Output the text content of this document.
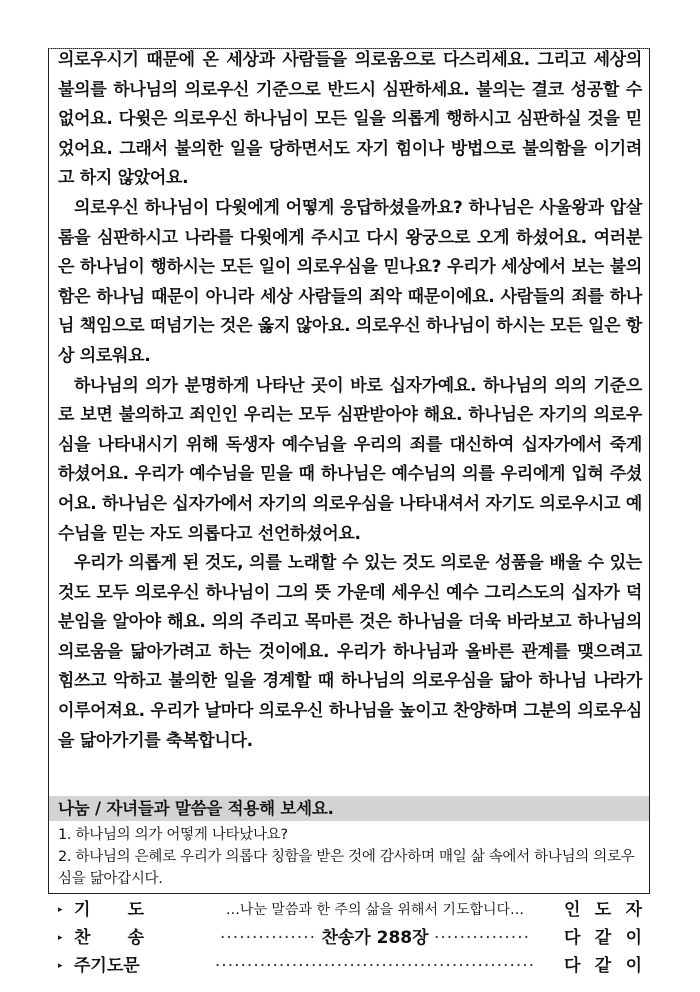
의로우시기 때문에 온 세상과 사람들을 의로움으로 다스리세요. 그리고 세상의 불의를 하나님의 의로우신 기준으로 반드시 심판하세요. 불의는 결코 성공할 수 없어요. 다윗은 의로우신 하나님이 모든 일을 의롭게 행하시고 심판하실 것을 믿었어요. 그래서 불의한 일을 당하면서도 자기 힘이나 방법으로 불의함을 이기려고 하지 않았어요.

의로우신 하나님이 다윗에게 어떻게 응답하셨을까요? 하나님은 사울왕과 압살롬을 심판하시고 나라를 다윗에게 주시고 다시 왕궁으로 오게 하셨어요. 여러분은 하나님이 행하시는 모든 일이 의로우심을 믿나요? 우리가 세상에서 보는 불의함은 하나님 때문이 아니라 세상 사람들의 죄악 때문이에요. 사람들의 죄를 하나님 책임으로 떠넘기는 것은 옳지 않아요. 의로우신 하나님이 하시는 모든 일은 항상 의로워요.

하나님의 의가 분명하게 나타난 곳이 바로 십자가예요. 하나님의 의의 기준으로 보면 불의하고 죄인인 우리는 모두 심판받아야 해요. 하나님은 자기의 의로우심을 나타내시기 위해 독생자 예수님을 우리의 죄를 대신하여 십자가에서 죽게 하셨어요. 우리가 예수님을 믿을 때 하나님은 예수님의 의를 우리에게 입혀 주셨어요. 하나님은 십자가에서 자기의 의로우심을 나타내셔서 자기도 의로우시고 예수님을 믿는 자도 의롭다고 선언하셨어요.

우리가 의롭게 된 것도, 의를 노래할 수 있는 것도 의로운 성품을 배울 수 있는 것도 모두 의로우신 하나님이 그의 뜻 가운데 세우신 예수 그리스도의 십자가 덕분임을 알아야 해요. 의의 주리고 목마른 것은 하나님을 더욱 바라보고 하나님의 의로움을 닮아가려고 하는 것이에요. 우리가 하나님과 올바른 관계를 맺으려고 힘쓰고 악하고 불의한 일을 경계할 때 하나님의 의로우심을 닮아 하나님 나라가 이루어져요. 우리가 날마다 의로우신 하나님을 높이고 찬양하며 그분의 의로우심을 닮아가기를 축복합니다.

나눔 / 자녀들과 말씀을 적용해 보세요.

1. 하나님의 의가 어떻게 나타났나요?

2. 하나님의 은혜로 우리가 의롭다 칭함을 받은 것에 감사하며 매일 삶 속에서 하나님의 의로우심을 닮아갑시다.

▸ 기 도	…나눈 말씀과 한 주의 삶을 위해서 기도합니다…	인 도 자
▸ 찬 송	··············· 찬송가 288장 ···············	다 같 이
▸ 주기도문	··················································	다 같 이
